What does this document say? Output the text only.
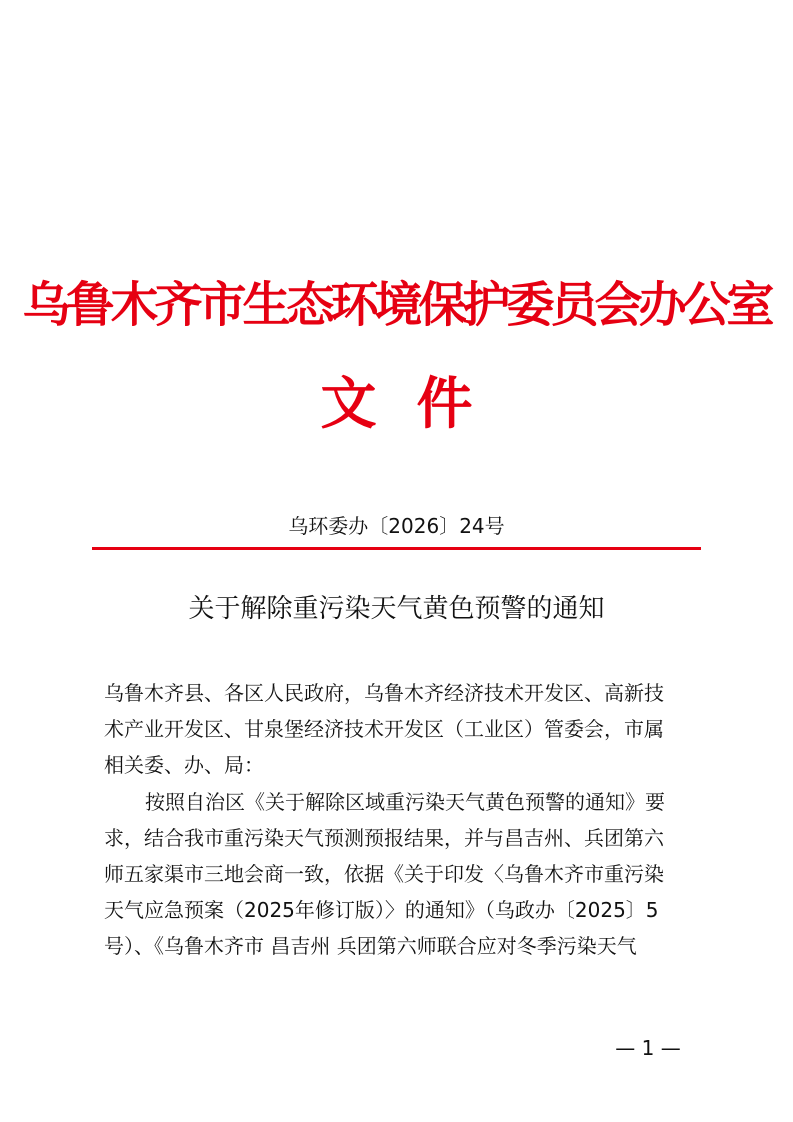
乌鲁木齐市生态环境保护委员会办公室
文件
乌环委办〔2026〕24号
关于解除重污染天气黄色预警的通知
乌鲁木齐县、各区人民政府，乌鲁木齐经济技术开发区、高新技
术产业开发区、甘泉堡经济技术开发区（工业区）管委会，市属
相关委、办、局：
按照自治区《关于解除区域重污染天气黄色预警的通知》要
求，结合我市重污染天气预测预报结果，并与昌吉州、兵团第六
师五家渠市三地会商一致，依据《关于印发〈乌鲁木齐市重污染
天气应急预案（2025年修订版）〉的通知》（乌政办〔2025〕5
号）、《乌鲁木齐市 昌吉州 兵团第六师联合应对冬季污染天气
— 1 —
